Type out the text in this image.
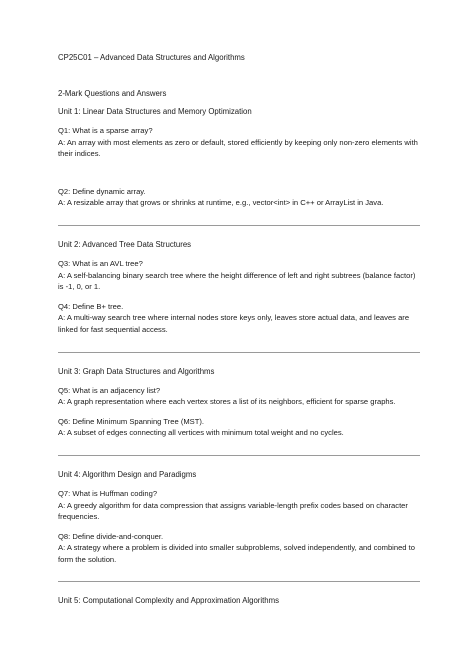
CP25C01 – Advanced Data Structures and Algorithms
2-Mark Questions and Answers
Unit 1: Linear Data Structures and Memory Optimization
Q1: What is a sparse array?
A: An array with most elements as zero or default, stored efficiently by keeping only non-zero elements with their indices.
Q2: Define dynamic array.
A: A resizable array that grows or shrinks at runtime, e.g., vector<int> in C++ or ArrayList in Java.
Unit 2: Advanced Tree Data Structures
Q3: What is an AVL tree?
A: A self-balancing binary search tree where the height difference of left and right subtrees (balance factor) is -1, 0, or 1.
Q4: Define B+ tree.
A: A multi-way search tree where internal nodes store keys only, leaves store actual data, and leaves are linked for fast sequential access.
Unit 3: Graph Data Structures and Algorithms
Q5: What is an adjacency list?
A: A graph representation where each vertex stores a list of its neighbors, efficient for sparse graphs.
Q6: Define Minimum Spanning Tree (MST).
A: A subset of edges connecting all vertices with minimum total weight and no cycles.
Unit 4: Algorithm Design and Paradigms
Q7: What is Huffman coding?
A: A greedy algorithm for data compression that assigns variable-length prefix codes based on character frequencies.
Q8: Define divide-and-conquer.
A: A strategy where a problem is divided into smaller subproblems, solved independently, and combined to form the solution.
Unit 5: Computational Complexity and Approximation Algorithms
